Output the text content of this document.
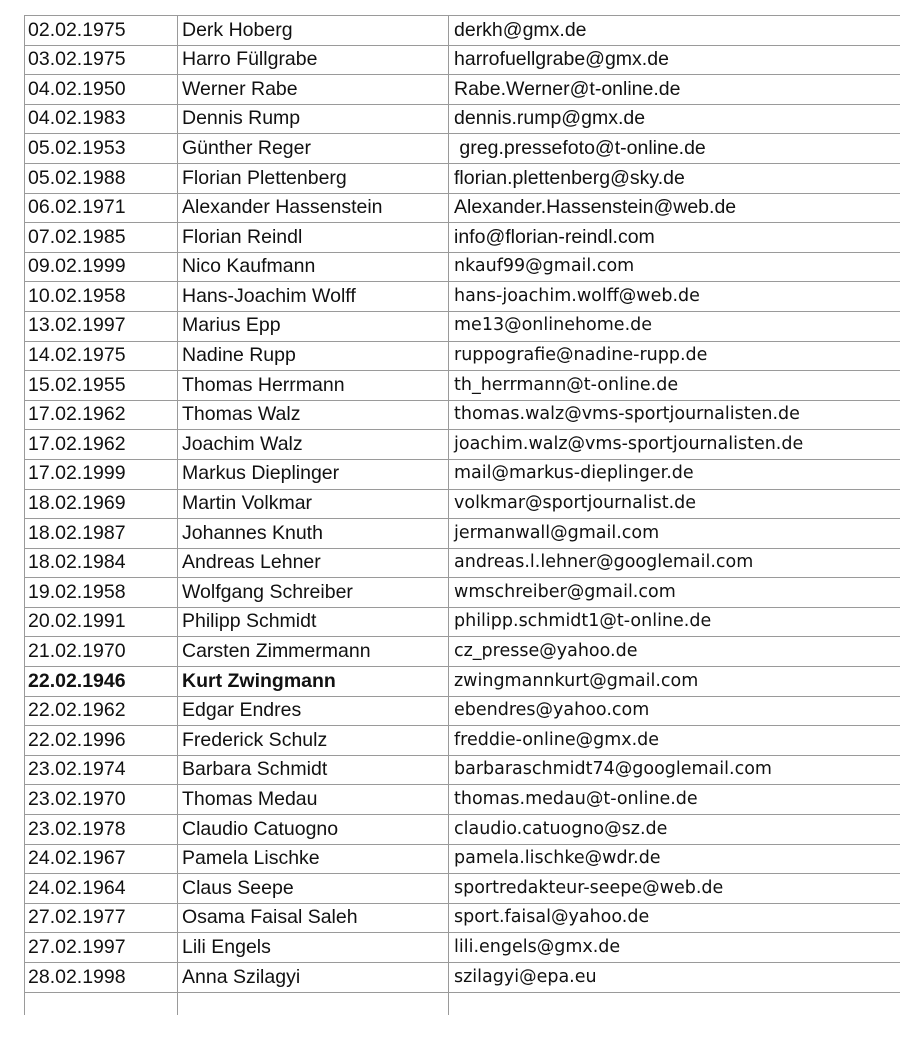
02.02.1975	Derk Hoberg	derkh@gmx.de
03.02.1975	Harro Füllgrabe	harrofuellgrabe@gmx.de
04.02.1950	Werner Rabe	Rabe.Werner@t-online.de
04.02.1983	Dennis Rump	dennis.rump@gmx.de
05.02.1953	Günther Reger	greg.pressefoto@t-online.de
05.02.1988	Florian Plettenberg	florian.plettenberg@sky.de
06.02.1971	Alexander Hassenstein	Alexander.Hassenstein@web.de
07.02.1985	Florian Reindl	info@florian-reindl.com
09.02.1999	Nico Kaufmann	nkauf99@gmail.com
10.02.1958	Hans-Joachim Wolff	hans-joachim.wolff@web.de
13.02.1997	Marius Epp	me13@onlinehome.de
14.02.1975	Nadine Rupp	ruppografie@nadine-rupp.de
15.02.1955	Thomas Herrmann	th_herrmann@t-online.de
17.02.1962	Thomas Walz	thomas.walz@vms-sportjournalisten.de
17.02.1962	Joachim Walz	joachim.walz@vms-sportjournalisten.de
17.02.1999	Markus Dieplinger	mail@markus-dieplinger.de
18.02.1969	Martin Volkmar	volkmar@sportjournalist.de
18.02.1987	Johannes Knuth	jermanwall@gmail.com
18.02.1984	Andreas Lehner	andreas.l.lehner@googlemail.com
19.02.1958	Wolfgang Schreiber	wmschreiber@gmail.com
20.02.1991	Philipp Schmidt	philipp.schmidt1@t-online.de
21.02.1970	Carsten Zimmermann	cz_presse@yahoo.de
22.02.1946	Kurt Zwingmann	zwingmannkurt@gmail.com
22.02.1962	Edgar Endres	ebendres@yahoo.com
22.02.1996	Frederick Schulz	freddie-online@gmx.de
23.02.1974	Barbara Schmidt	barbaraschmidt74@googlemail.com
23.02.1970	Thomas Medau	thomas.medau@t-online.de
23.02.1978	Claudio Catuogno	claudio.catuogno@sz.de
24.02.1967	Pamela Lischke	pamela.lischke@wdr.de
24.02.1964	Claus Seepe	sportredakteur-seepe@web.de
27.02.1977	Osama Faisal Saleh	sport.faisal@yahoo.de
27.02.1997	Lili Engels	lili.engels@gmx.de
28.02.1998	Anna Szilagyi	szilagyi@epa.eu
